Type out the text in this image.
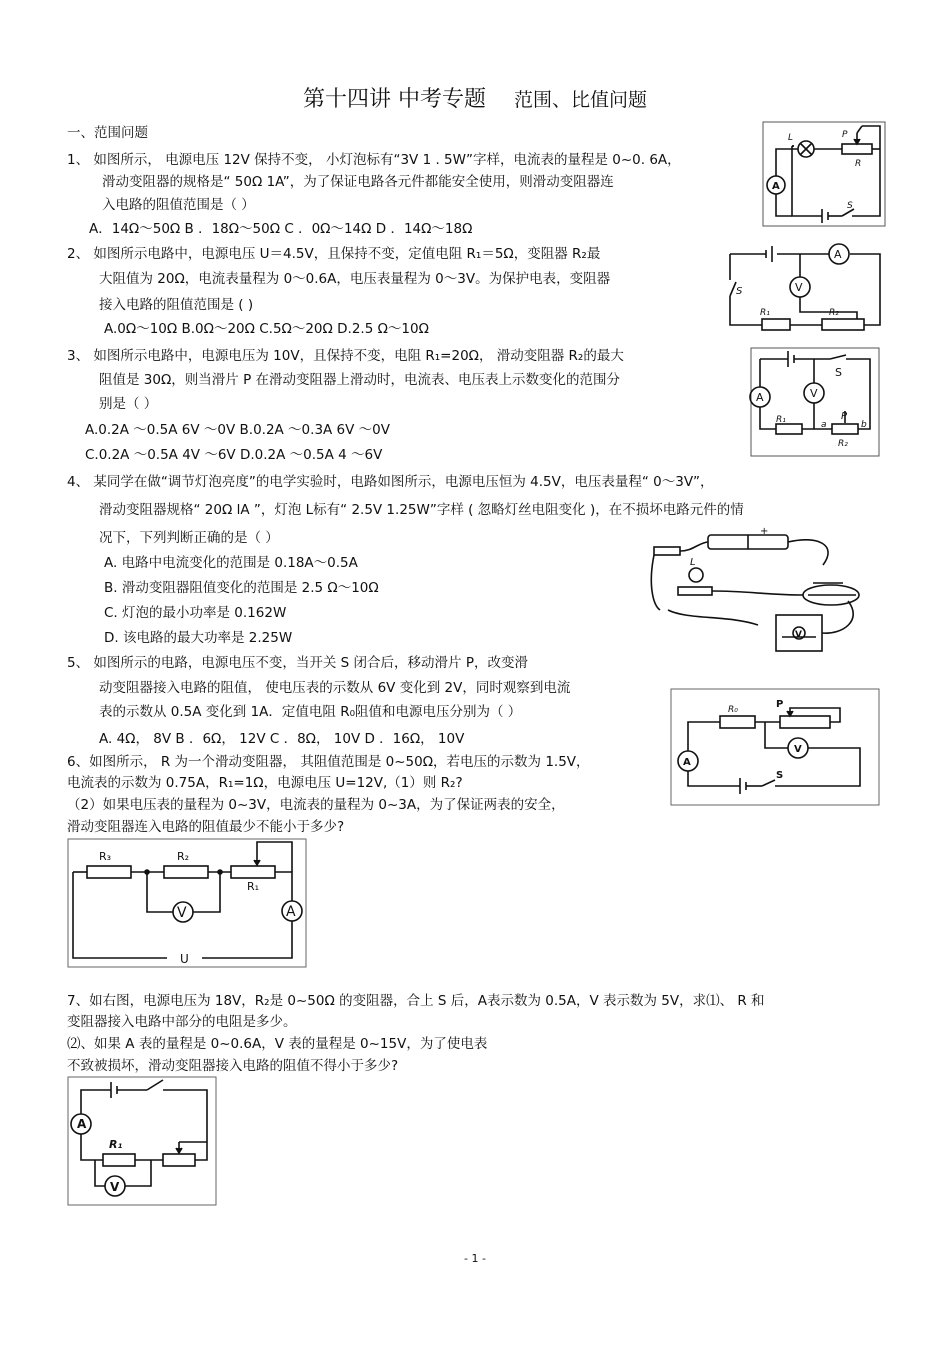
第十四讲 中考专题 范围、比值问题
一、范围问题
1、 如图所示， 电源电压 12V 保持不变， 小灯泡标有“3V 1 . 5W”字样，电流表的量程是 0~0. 6A，
滑动变阻器的规格是“ 50Ω 1A”，为了保证电路各元件都能安全使用，则滑动变阻器连
入电路的阻值范围是（ ）
A．14Ω～50Ω B ．18Ω～50Ω C ．0Ω～14Ω D ．14Ω～18Ω
L	P
R
A
S
2、 如图所示电路中，电源电压 U＝4.5V，且保持不变，定值电阻 R₁＝5Ω，变阻器 R₂最
大阻值为 20Ω，电流表量程为 0～0.6A，电压表量程为 0～3V。为保护电表，变阻器
接入电路的阻值范围是 ( )
A.0Ω～10Ω B.0Ω～20Ω C.5Ω～20Ω D.2.5 Ω～10Ω
A
V
S
R₁	R₂
3、 如图所示电路中，电源电压为 10V，且保持不变，电阻 R₁=20Ω， 滑动变阻器 R₂的最大
阻值是 30Ω，则当滑片 P 在滑动变阻器上滑动时，电流表、电压表上示数变化的范围分
别是（ ）
A.0.2A ～0.5A 6V ～0V B.0.2A ～0.3A 6V ～0V
C.0.2A ～0.5A 4V ～6V D.0.2A ～0.5A 4 ～6V
A	V
S
R₁
R₂
P
a	b
4、 某同学在做“调节灯泡亮度”的电学实验时，电路如图所示，电源电压恒为 4.5V，电压表量程“ 0～3V”，
滑动变阻器规格“ 20Ω lA ”，灯泡 L标有“ 2.5V 1.25W”字样 ( 忽略灯丝电阻变化 )，在不损坏电路元件的情
况下，下列判断正确的是（ ）
A. 电路中电流变化的范围是 0.18A～0.5A
B. 滑动变阻器阻值变化的范围是 2.5 Ω～10Ω
C. 灯泡的最小功率是 0.162W
D. 该电路的最大功率是 2.25W
+
L
V
5、 如图所示的电路，电源电压不变，当开关 S 闭合后，移动滑片 P，改变滑
动变阻器接入电路的阻值， 使电压表的示数从 6V 变化到 2V，同时观察到电流
表的示数从 0.5A 变化到 1A．定值电阻 R₀阻值和电源电压分别为（ ）
A. 4Ω， 8V B ．6Ω， 12V C ．8Ω， 10V D ．16Ω， 10V
R₀	P
A
V
S
6、如图所示， R 为一个滑动变阻器， 其阻值范围是 0~50Ω，若电压的示数为 1.5V，
电流表的示数为 0.75A，R₁=1Ω，电源电压 U=12V,（1）则 R₂?
（2）如果电压表的量程为 0~3V，电流表的量程为 0~3A，为了保证两表的安全，
滑动变阻器连入电路的阻值最少不能小于多少?
R₃	R₂
R₁
V	A
U
7、如右图，电源电压为 18V，R₂是 0~50Ω 的变阻器，合上 S 后，A表示数为 0.5A，V 表示数为 5V，求⑴、 R 和
变阻器接入电路中部分的电阻是多少。
⑵、如果 A 表的量程是 0~0.6A，V 表的量程是 0~15V，为了使电表
不致被损坏，滑动变阻器接入电路的阻值不得小于多少?
A
V
R₁
- 1 -
